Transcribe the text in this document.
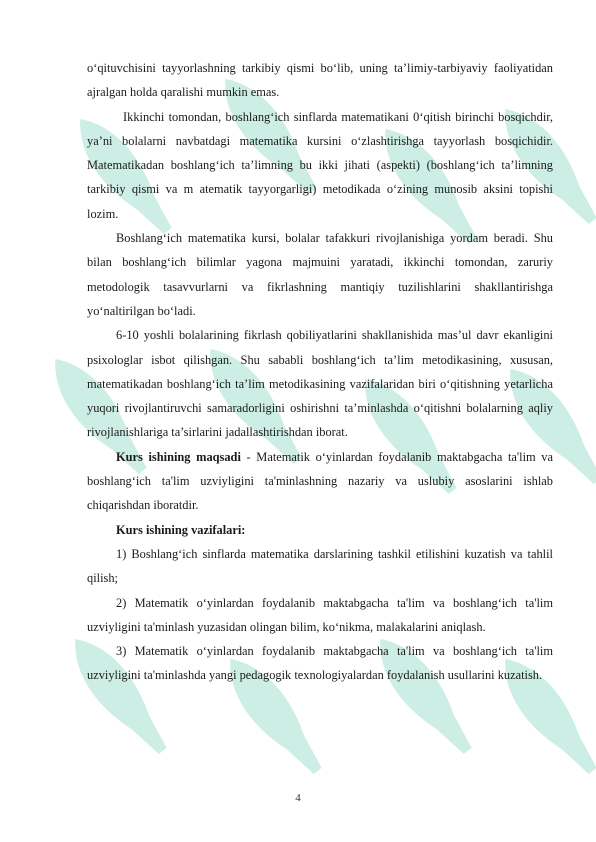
o‘qituvchisini tayyorlashning tarkibiy qismi bo‘lib, uning ta’limiy-tarbiyaviy faoliyatidan ajralgan holda qaralishi mumkin emas.

Ikkinchi tomondan, boshlang‘ich sinflarda matematikani 0‘qitish birinchi bosqichdir, ya’ni bolalarni navbatdagi matematika kursini o‘zlashtirishga tayyorlash bosqichidir. Matematikadan boshlang‘ich ta’limning bu ikki jihati (aspekti) (boshlang‘ich ta’limning tarkibiy qismi va m atematik tayyorgarligi) metodikada o‘zining munosib aksini topishi lozim.

Boshlang‘ich matematika kursi, bolalar tafakkuri rivojlanishiga yordam beradi. Shu bilan boshlang‘ich bilimlar yagona majmuini yaratadi, ikkinchi tomondan, zaruriy metodologik tasavvurlarni va fikrlashning mantiqiy tuzilishlarini shakllantirishga yo‘naltirilgan bo‘ladi.

6-10 yoshli bolalarining fikrlash qobiliyatlarini shakllanishida mas’ul davr ekanligini psixologlar isbot qilishgan. Shu sababli boshlang‘ich ta’lim metodikasining, xususan, matematikadan boshlang‘ich ta’lim metodikasining vazifalaridan biri o‘qitishning yetarlicha yuqori rivojlantiruvchi samaradorligini oshirishni ta’minlashda o‘qitishni bolalarning aqliy rivojlanishlariga ta’sirlarini jadallashtirishdan iborat.

Kurs ishining maqsadi - Matematik o‘yinlardan foydalanib maktabgacha ta'lim va boshlang‘ich ta'lim uzviyligini ta'minlashning nazariy va uslubiy asoslarini ishlab chiqarishdan iboratdir.

Kurs ishining vazifalari:

1) Boshlang‘ich sinflarda matematika darslarining tashkil etilishini kuzatish va tahlil qilish;

2) Matematik o‘yinlardan foydalanib maktabgacha ta'lim va boshlang‘ich ta'lim uzviyligini ta'minlash yuzasidan olingan bilim, ko‘nikma, malakalarini aniqlash.

3) Matematik o‘yinlardan foydalanib maktabgacha ta'lim va boshlang‘ich ta'lim uzviyligini ta'minlashda yangi pedagogik texnologiyalardan foydalanish usullarini kuzatish.

4
